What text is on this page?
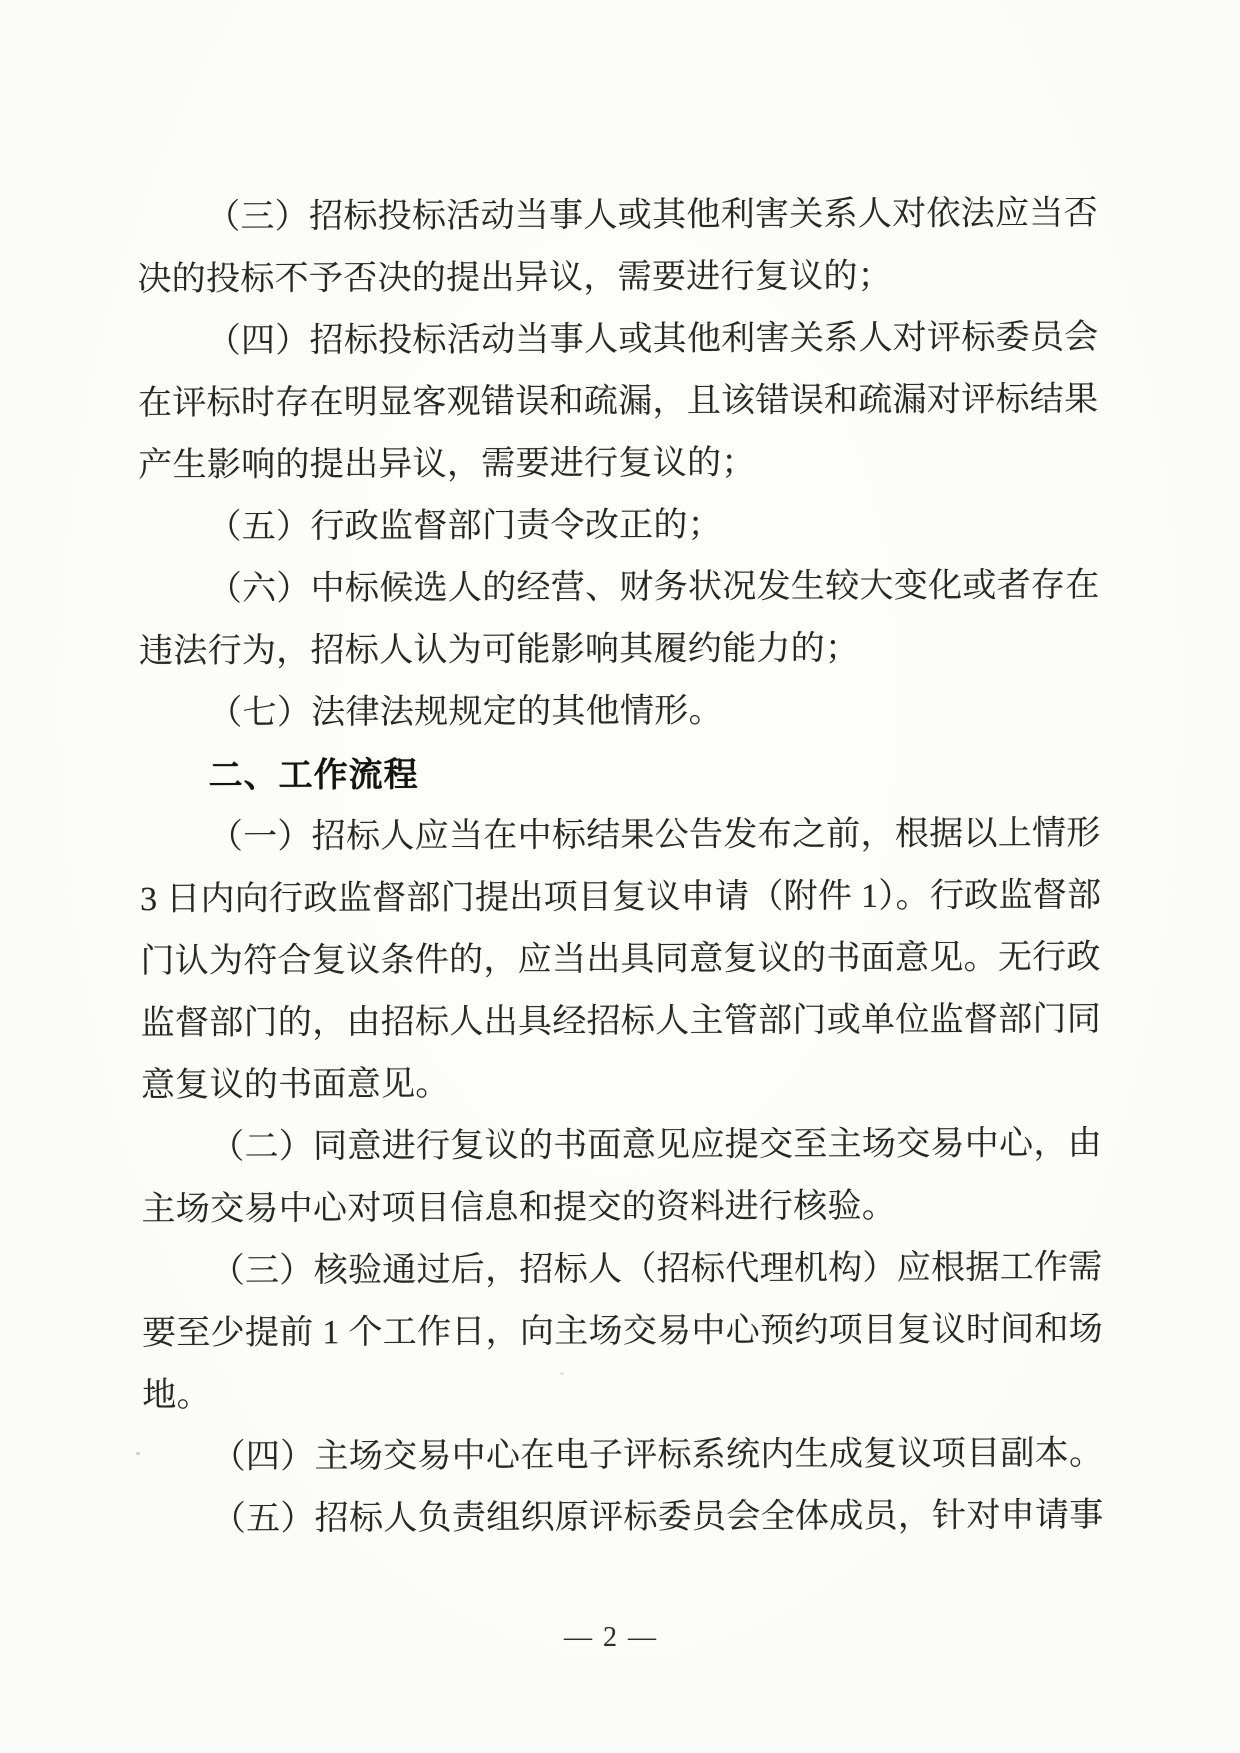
（三）招标投标活动当事人或其他利害关系人对依法应当否
决的投标不予否决的提出异议，需要进行复议的；
（四）招标投标活动当事人或其他利害关系人对评标委员会
在评标时存在明显客观错误和疏漏，且该错误和疏漏对评标结果
产生影响的提出异议，需要进行复议的；
（五）行政监督部门责令改正的；
（六）中标候选人的经营、财务状况发生较大变化或者存在
违法行为，招标人认为可能影响其履约能力的；
（七）法律法规规定的其他情形。
二、工作流程
（一）招标人应当在中标结果公告发布之前，根据以上情形
3 日内向行政监督部门提出项目复议申请（附件 1）。行政监督部
门认为符合复议条件的，应当出具同意复议的书面意见。无行政
监督部门的，由招标人出具经招标人主管部门或单位监督部门同
意复议的书面意见。
（二）同意进行复议的书面意见应提交至主场交易中心，由
主场交易中心对项目信息和提交的资料进行核验。
（三）核验通过后，招标人（招标代理机构）应根据工作需
要至少提前 1 个工作日，向主场交易中心预约项目复议时间和场
地。
（四）主场交易中心在电子评标系统内生成复议项目副本。
（五）招标人负责组织原评标委员会全体成员，针对申请事
— 2 —
